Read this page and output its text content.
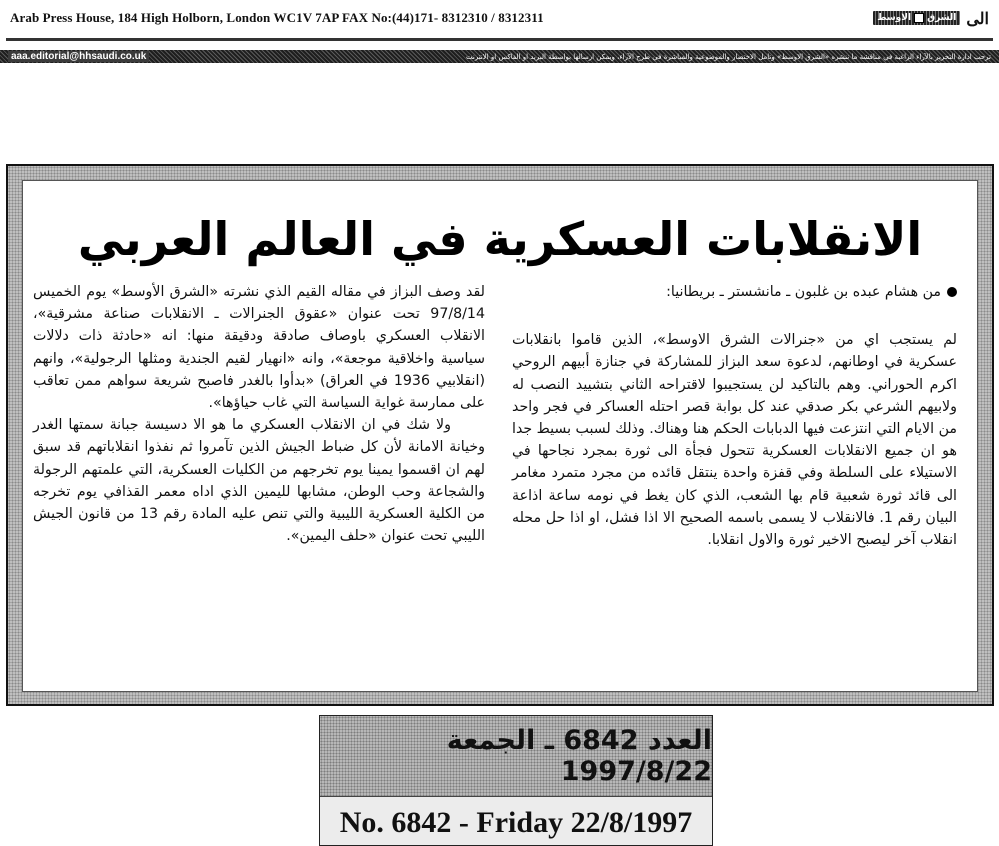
Arab Press House, 184 High Holborn, London WC1V 7AP FAX No:(44)171- 8312310 / 8312311	الى
الشرق
الاوسط
aaa.editorial@hhsaudi.co.uk	ترحب ادارة التحرير بالآراء الراغبة في مناقشة ما ننشره «الشرق الاوسط» وتأمل الاختصار والموضوعية والمباشرة في طرح الآراء، ويمكن ارسالها بواسطة البريد او الفاكس او الانترنت
الانقلابات العسكرية في العالم العربي

من هشام عبده بن غلبون ـ مانشستر ـ بريطانيا:

لم يستجب اي من «جنرالات الشرق الاوسط»، الذين قاموا بانقلابات عسكرية في اوطانهم، لدعوة سعد البزاز للمشاركة في جنازة أبيهم الروحي اكرم الحوراني. وهم بالتاكيد لن يستجيبوا لاقتراحه الثاني بتشييد النصب له ولابيهم الشرعي بكر صدقي عند كل بوابة قصر احتله العساكر في فجر واحد من الايام التي انتزعت فيها الدبابات الحكم هنا وهناك. وذلك لسبب بسيط جدا هو ان جميع الانقلابات العسكرية تتحول فجأة الى ثورة بمجرد نجاحها في الاستيلاء على السلطة وفي قفزة واحدة ينتقل قائده من مجرد متمرد مغامر الى قائد ثورة شعبية قام بها الشعب، الذي كان يغط في نومه ساعة اذاعة البيان رقم 1. فالانقلاب لا يسمى باسمه الصحيح الا اذا فشل، او اذا حل محله انقلاب آخر ليصبح الاخير ثورة والاول انقلابا.

لقد وصف البزاز في مقاله القيم الذي نشرته «الشرق الأوسط» يوم الخميس 97/8/14 تحت عنوان «عقوق الجنرالات ـ الانقلابات صناعة مشرقية»، الانقلاب العسكري باوصاف صادقة ودقيقة منها: انه «حادثة ذات دلالات سياسية واخلاقية موجعة»، وانه «انهيار لقيم الجندية ومثلها الرجولية»، وانهم (انقلابيي 1936 في العراق) «بدأوا بالغدر فاصبح شريعة سواهم ممن تعاقب على ممارسة غواية السياسة التي غاب حياؤها».

ولا شك في ان الانقلاب العسكري ما هو الا دسيسة جبانة سمتها الغدر وخيانة الامانة لأن كل ضباط الجيش الذين تآمروا ثم نفذوا انقلاباتهم قد سبق لهم ان اقسموا يمينا يوم تخرجهم من الكليات العسكرية، التي علمتهم الرجولة والشجاعة وحب الوطن، مشابها لليمين الذي اداه معمر القذافي يوم تخرجه من الكلية العسكرية الليبية والتي تنص عليه المادة رقم 13 من قانون الجيش الليبي تحت عنوان «حلف اليمين».

العدد 6842 ـ الجمعة 1997/8/22
No. 6842 - Friday 22/8/1997
